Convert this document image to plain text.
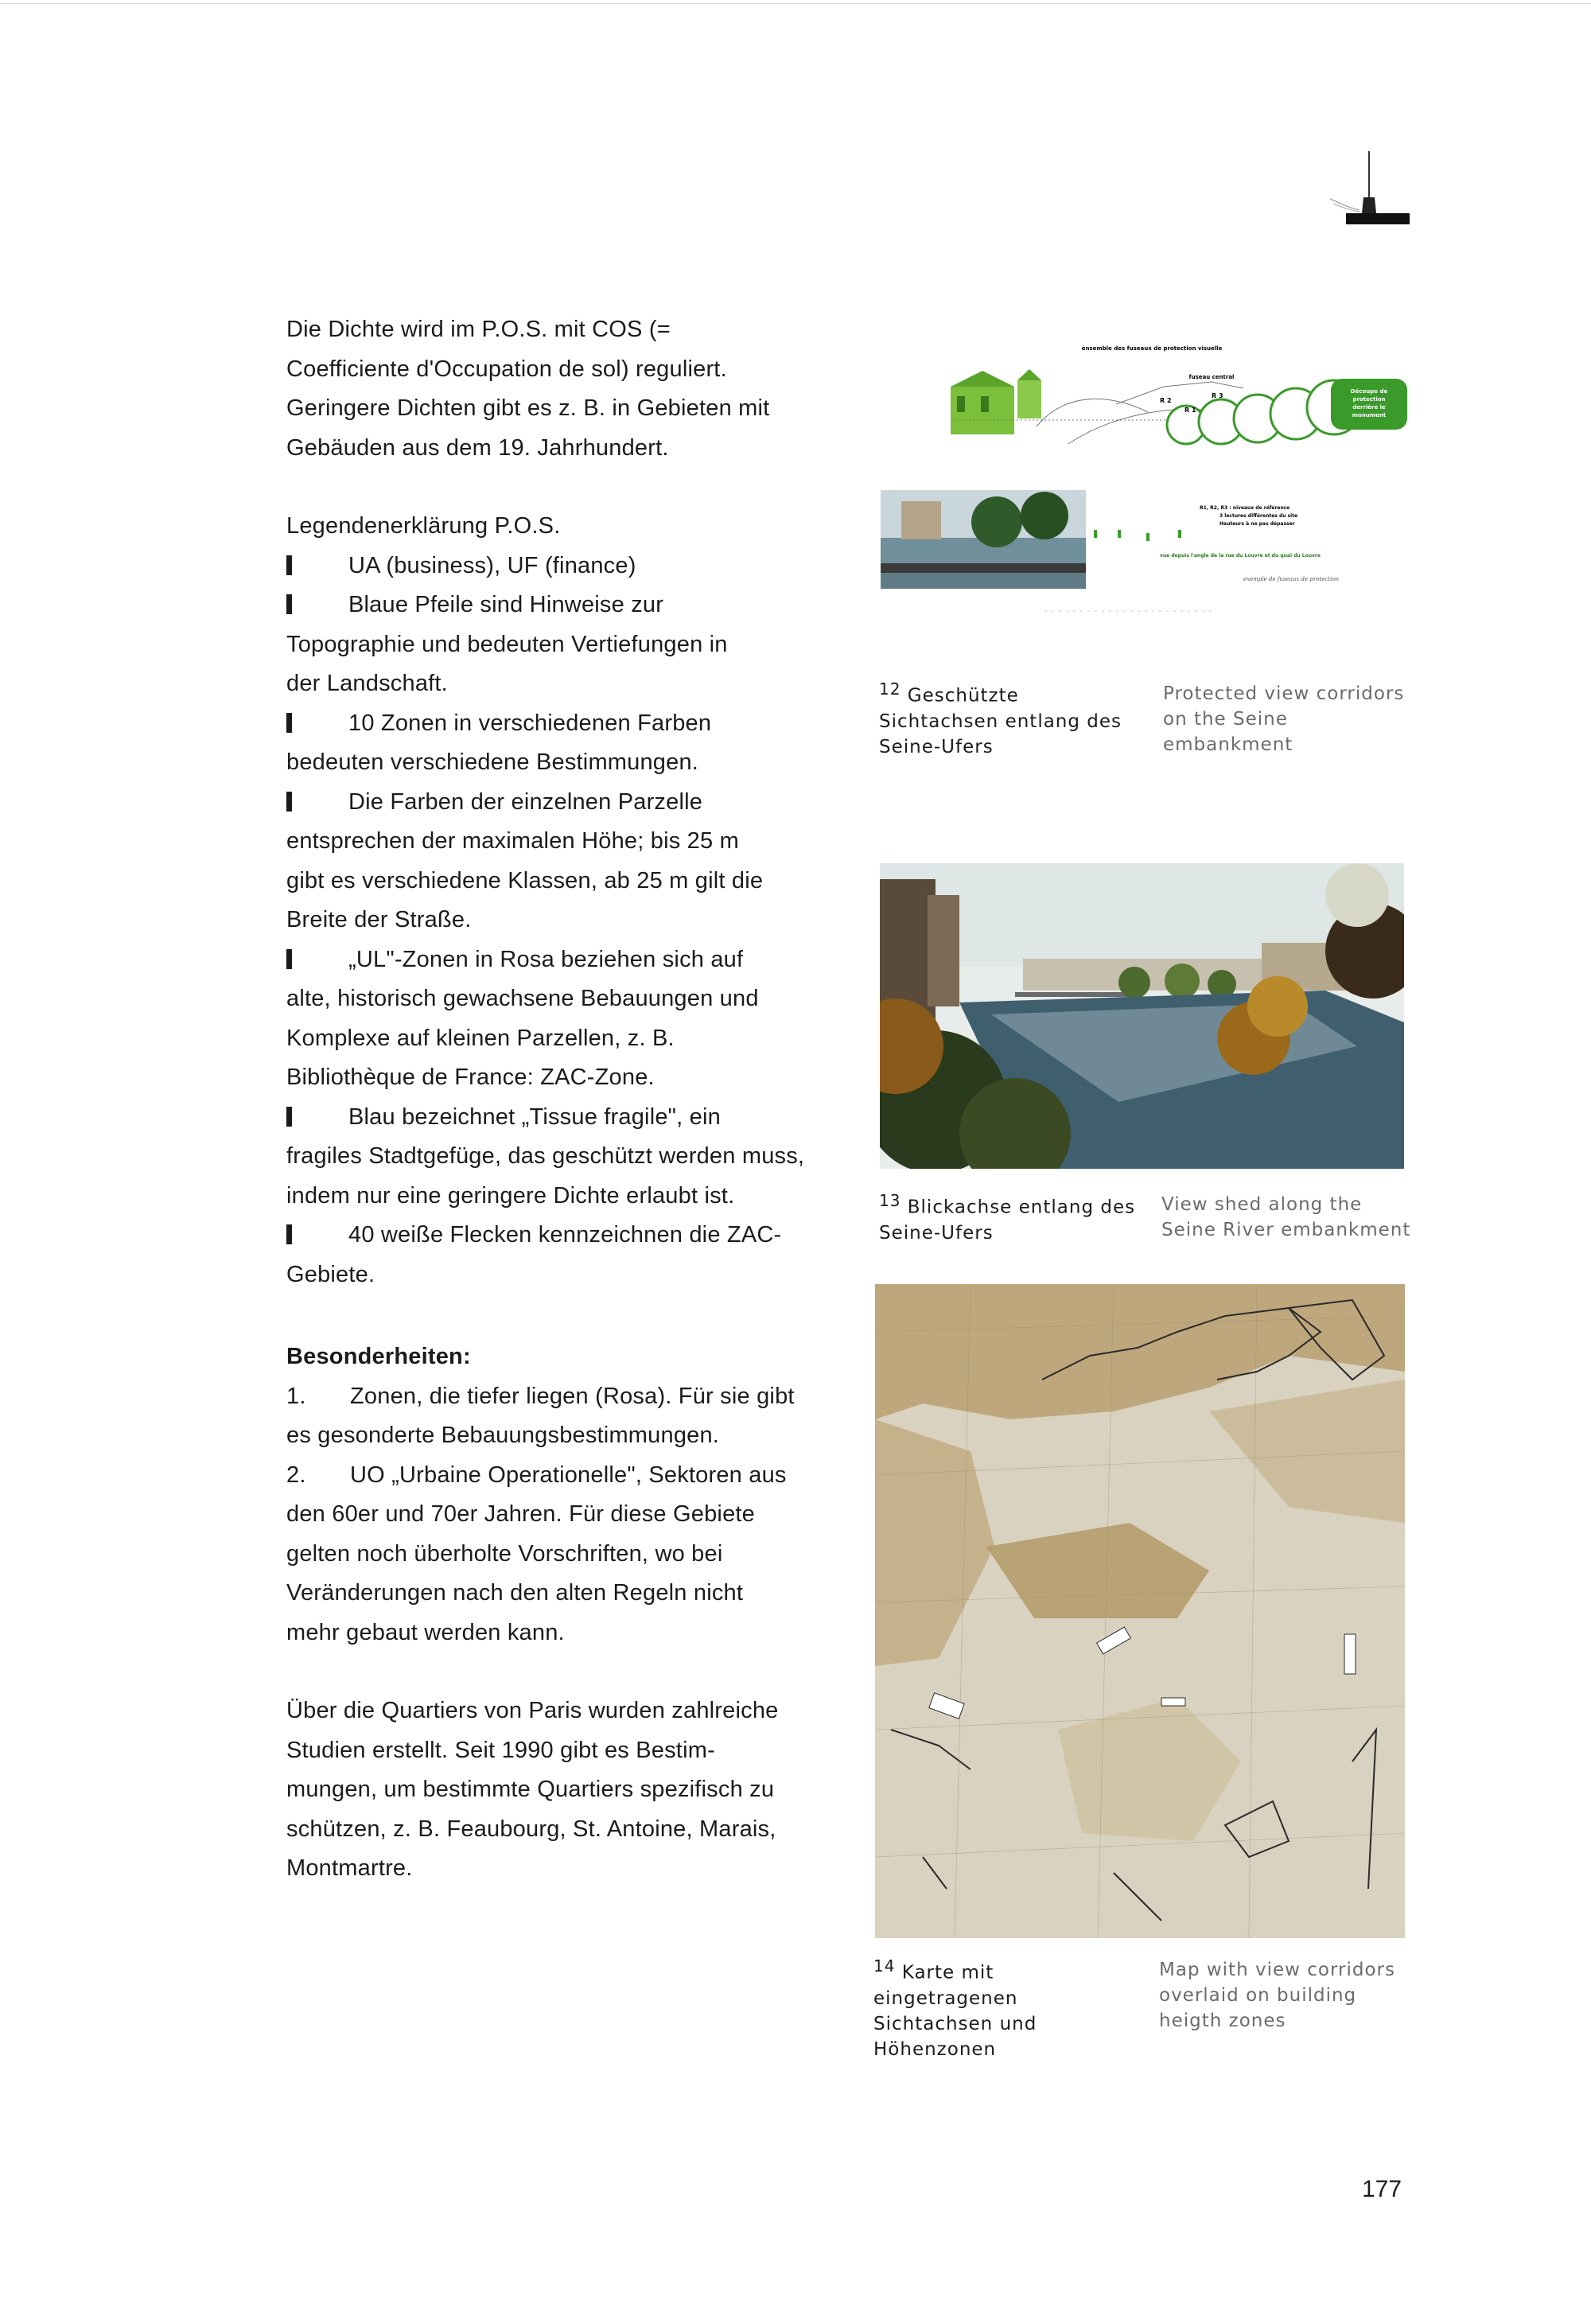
Die Dichte wird im P.O.S. mit COS (=

Coefficiente d'Occupation de sol) reguliert.

Geringere Dichten gibt es z. B. in Gebieten mit

Gebäuden aus dem 19. Jahrhundert.

Legendenerklärung P.O.S.

UA (business), UF (finance)

Blaue Pfeile sind Hinweise zur

Topographie und bedeuten Vertiefungen in

der Landschaft.

10 Zonen in verschiedenen Farben

bedeuten verschiedene Bestimmungen.

Die Farben der einzelnen Parzelle

entsprechen der maximalen Höhe; bis 25 m

gibt es verschiedene Klassen, ab 25 m gilt die

Breite der Straße.

„UL"-Zonen in Rosa beziehen sich auf

alte, historisch gewachsene Bebauungen und

Komplexe auf kleinen Parzellen, z. B.

Bibliothèque de France: ZAC-Zone.

Blau bezeichnet „Tissue fragile", ein

fragiles Stadtgefüge, das geschützt werden muss,

indem nur eine geringere Dichte erlaubt ist.

40 weiße Flecken kennzeichnen die ZAC-

Gebiete.

Besonderheiten:

1. Zonen, die tiefer liegen (Rosa). Für sie gibt

es gesonderte Bebauungsbestimmungen.

2. UO „Urbaine Operationelle", Sektoren aus

den 60er und 70er Jahren. Für diese Gebiete

gelten noch überholte Vorschriften, wo bei

Veränderungen nach den alten Regeln nicht

mehr gebaut werden kann.

Über die Quartiers von Paris wurden zahlreiche

Studien erstellt. Seit 1990 gibt es Bestim-

mungen, um bestimmte Quartiers spezifisch zu

schützen, z. B. Feaubourg, St. Antoine, Marais,

Montmartre.

ensemble des fuseaux de protection visuelle
fuseau central
R 2
R 3
R 1
Découpe de
protection
derrière le
monument
R1, R2, R3 : niveaux de référence
3 lectures différentes du site
Hauteurs à ne pas dépasser
vue depuis l'angle de la rue du Louvre et du quai du Louvre
exemple de fuseaux de protection
$^{12}$ Geschützte
Sichtachsen entlang des
Seine-Ufers
Protected view corridors
on the Seine
embankment
$^{13}$ Blickachse entlang des
Seine-Ufers
View shed along the
Seine River embankment
$^{14}$ Karte mit
eingetragenen
Sichtachsen und
Höhenzonen
Map with view corridors
overlaid on building
heigth zones
177
